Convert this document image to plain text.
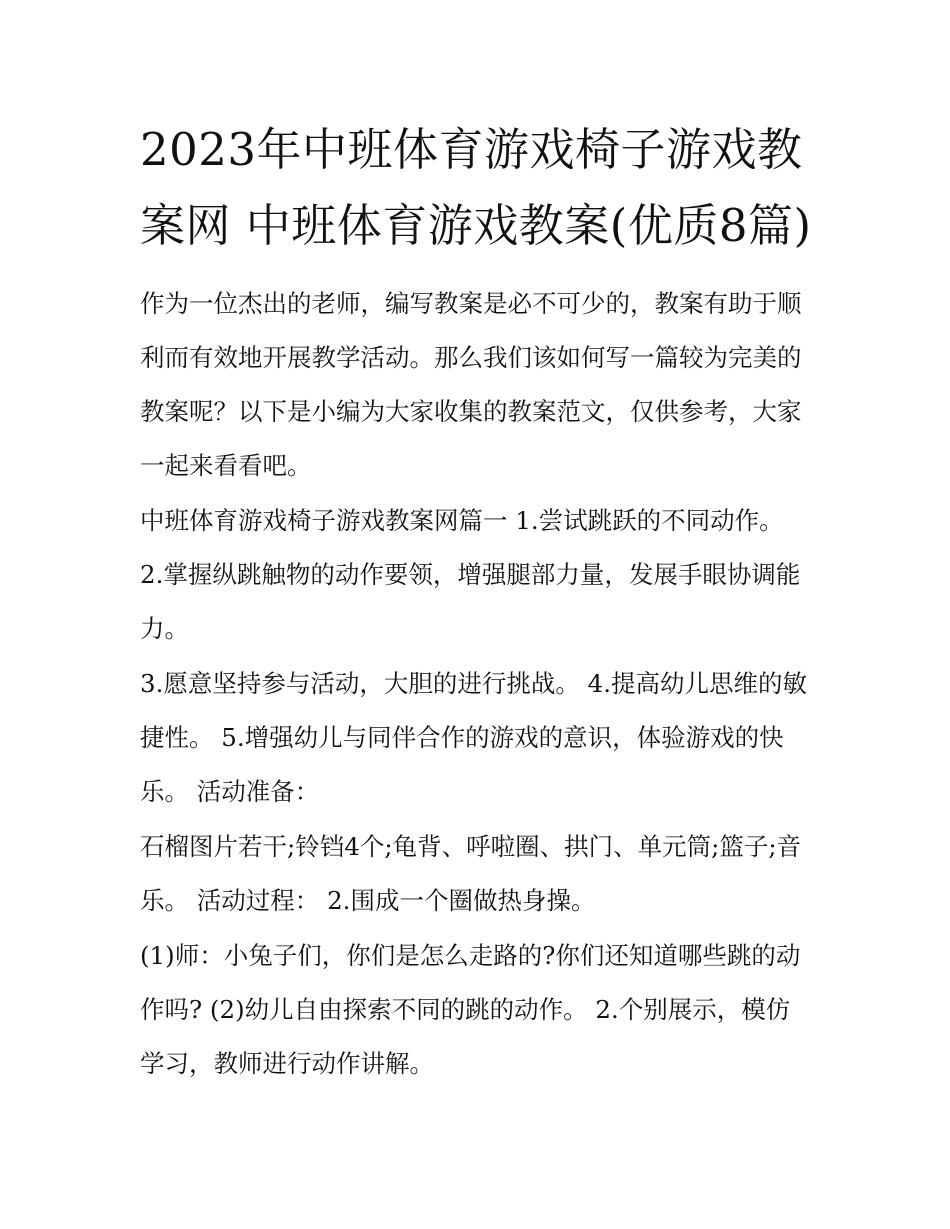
2023年中班体育游戏椅子游戏教案网 中班体育游戏教案(优质8篇)

作为一位杰出的老师，编写教案是必不可少的，教案有助于顺利而有效地开展教学活动。那么我们该如何写一篇较为完美的教案呢？以下是小编为大家收集的教案范文，仅供参考，大家一起来看看吧。

中班体育游戏椅子游戏教案网篇一 1.尝试跳跃的不同动作。 2.掌握纵跳触物的动作要领，增强腿部力量，发展手眼协调能力。

3.愿意坚持参与活动，大胆的进行挑战。 4.提高幼儿思维的敏捷性。 5.增强幼儿与同伴合作的游戏的意识，体验游戏的快乐。 活动准备：

石榴图片若干;铃铛4个;龟背、呼啦圈、拱门、单元筒;篮子;音乐。 活动过程： 2.围成一个圈做热身操。

(1)师：小兔子们，你们是怎么走路的?你们还知道哪些跳的动作吗? (2)幼儿自由探索不同的跳的动作。 2.个别展示，模仿学习，教师进行动作讲解。
